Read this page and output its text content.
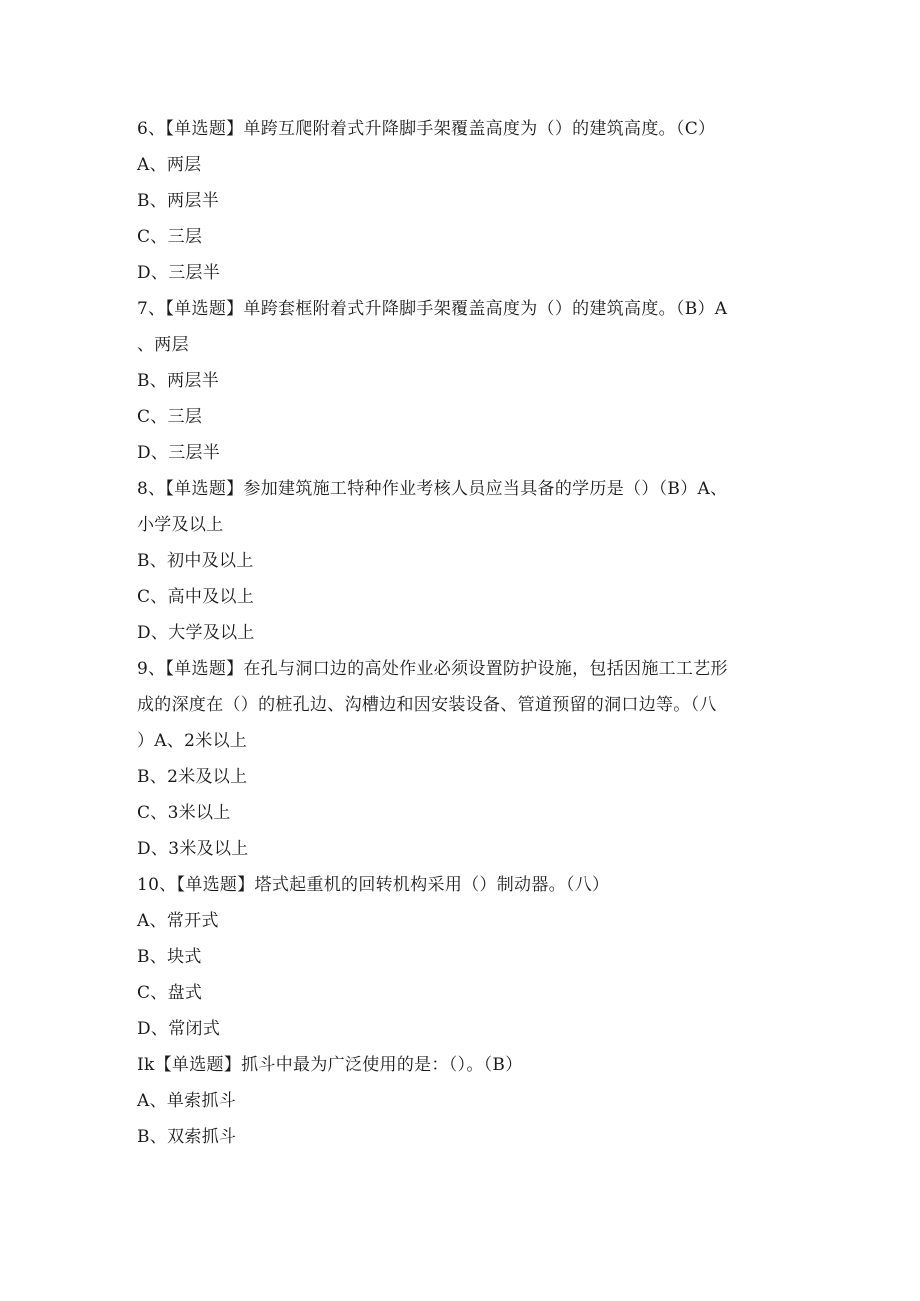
6、【单选题】单跨互爬附着式升降脚手架覆盖高度为（）的建筑高度。（C）
A、两层
B、两层半
C、三层
D、三层半
7、【单选题】单跨套框附着式升降脚手架覆盖高度为（）的建筑高度。（B）A
、两层
B、两层半
C、三层
D、三层半
8、【单选题】参加建筑施工特种作业考核人员应当具备的学历是（）（B）A、
小学及以上
B、初中及以上
C、高中及以上
D、大学及以上
9、【单选题】在孔与洞口边的高处作业必须设置防护设施，包括因施工工艺形
成的深度在（）的桩孔边、沟槽边和因安装设备、管道预留的洞口边等。（八
）A、2米以上
B、2米及以上
C、3米以上
D、3米及以上
10、【单选题】塔式起重机的回转机构采用（）制动器。（八）
A、常开式
B、块式
C、盘式
D、常闭式
Ik【单选题】抓斗中最为广泛使用的是：（）。（B）
A、单索抓斗
B、双索抓斗
